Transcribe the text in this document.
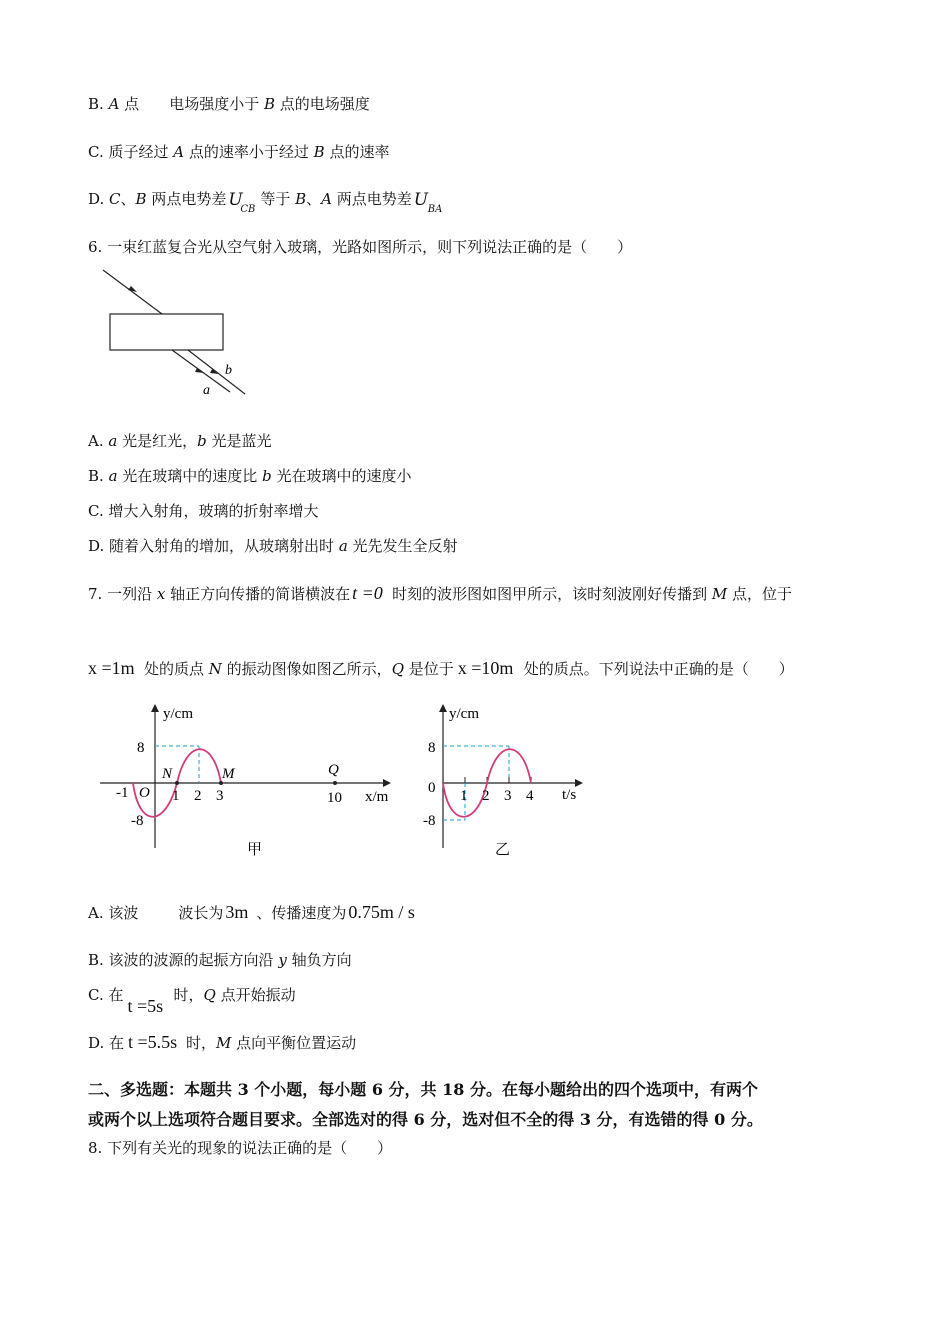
B. A 点 电场强度小于 B 点的电场强度
C. 质子经过 A 点的速率小于经过 B 点的速率
D. C、B 两点电势差 U
CB
等于 B、A 两点电势差 U BA
6. 一束红蓝复合光从空气射入玻璃，光路如图所示，则下列说法正确的是（　　）
a
b
A. a 光是红光，b 光是蓝光
B. a 光在玻璃中的速度比 b 光在玻璃中的速度小
C. 增大入射角，玻璃的折射率增大
D. 随着入射角的增加，从玻璃射出时 a 光先发生全反射
7. 一列沿 x 轴正方向传播的简谐横波在 t =0 时刻的波形图如图甲所示，该时刻波刚好传播到 M 点，位于
x =1m 处的质点 N 的振动图像如图乙所示，Q 是位于 x =10m 处的质点。下列说法中正确的是（　　）
y/cm
x/m
8
-8
-1 O 1 2 3	10
N	M	Q
甲
y/cm
t/s
8
0
-8
1 2 3 4
乙
A. 该波	波长为 3m 、传播速度为 0.75m / s
B. 该波的波源的起振方向沿 y 轴负方向
C. 在
t =5s
时，Q 点开始振动
D. 在 t =5.5s 时，M 点向平衡位置运动
二、多选题：本题共 3 个小题，每小题 6 分，共 18 分。在每小题给出的四个选项中，有两个
或两个以上选项符合题目要求。全部选对的得 6 分，选对但不全的得 3 分，有选错的得 0 分。
8. 下列有关光的现象的说法正确的是（　　）
